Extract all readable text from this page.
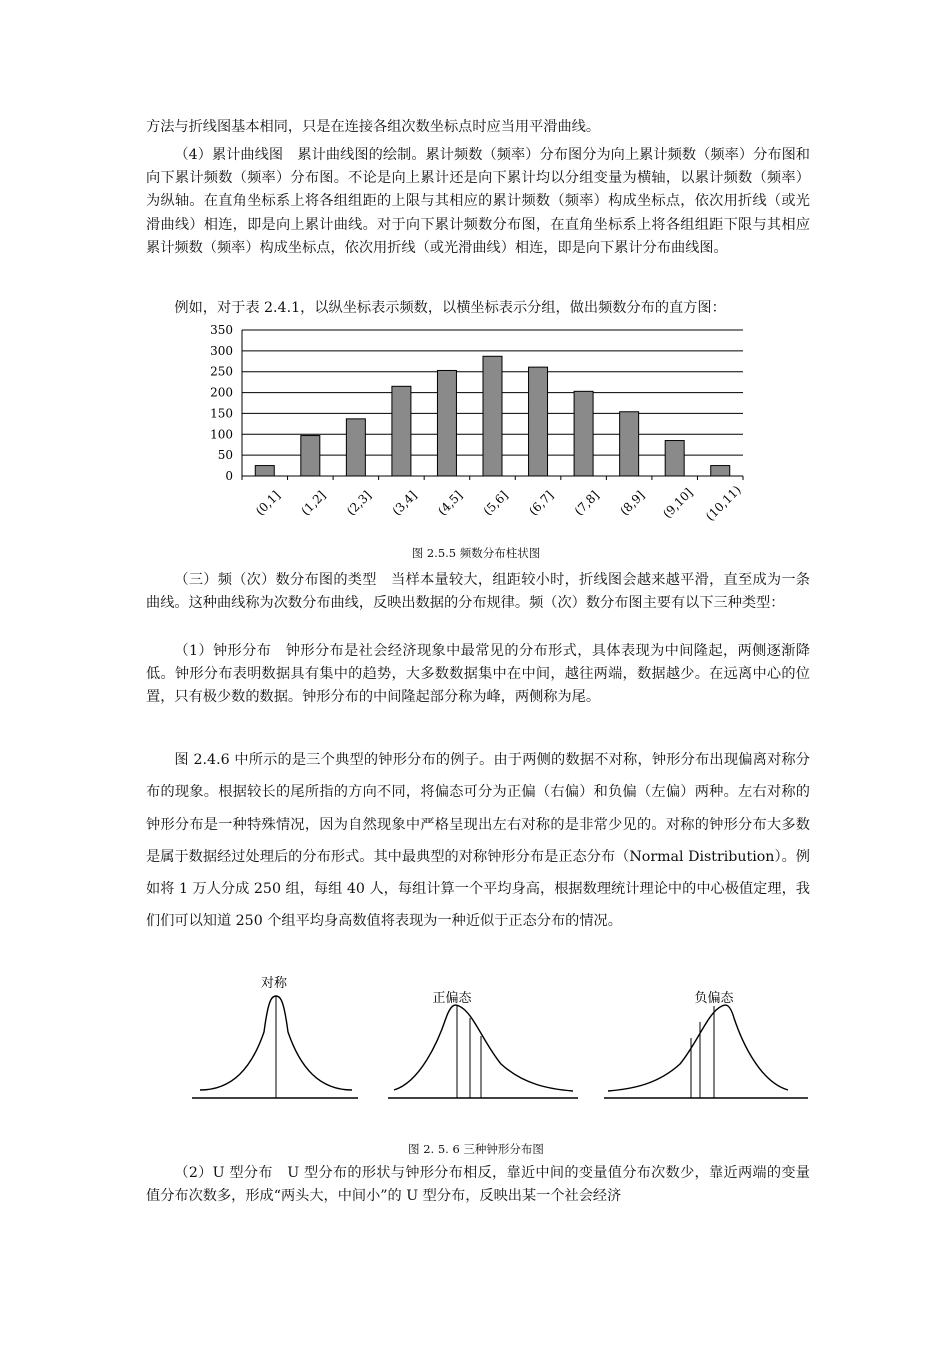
方法与折线图基本相同，只是在连接各组次数坐标点时应当用平滑曲线。

（4）累计曲线图　累计曲线图的绘制。累计频数（频率）分布图分为向上累计频数（频率）分布图和向下累计频数（频率）分布图。不论是向上累计还是向下累计均以分组变量为横轴，以累计频数（频率）为纵轴。在直角坐标系上将各组组距的上限与其相应的累计频数（频率）构成坐标点，依次用折线（或光滑曲线）相连，即是向上累计曲线。对于向下累计频数分布图，在直角坐标系上将各组组距下限与其相应累计频数（频率）构成坐标点，依次用折线（或光滑曲线）相连，即是向下累计分布曲线图。

例如，对于表 2.4.1，以纵坐标表示频数，以横坐标表示分组，做出频数分布的直方图：

0
50
100
150
200
250
300
350
(0,1] (1,2] (2,3] (3,4] (4,5] (5,6] (6,7] (7,8] (8,9] (9,10] (10,11)

图 2.5.5 频数分布柱状图

（三）频（次）数分布图的类型　当样本量较大，组距较小时，折线图会越来越平滑，直至成为一条曲线。这种曲线称为次数分布曲线，反映出数据的分布规律。频（次）数分布图主要有以下三种类型：

（1）钟形分布　钟形分布是社会经济现象中最常见的分布形式，具体表现为中间隆起，两侧逐渐降低。钟形分布表明数据具有集中的趋势，大多数数据集中在中间，越往两端，数据越少。在远离中心的位置，只有极少数的数据。钟形分布的中间隆起部分称为峰，两侧称为尾。

图 2.4.6 中所示的是三个典型的钟形分布的例子。由于两侧的数据不对称，钟形分布出现偏离对称分布的现象。根据较长的尾所指的方向不同，将偏态可分为正偏（右偏）和负偏（左偏）两种。左右对称的钟形分布是一种特殊情况，因为自然现象中严格呈现出左右对称的是非常少见的。对称的钟形分布大多数是属于数据经过处理后的分布形式。其中最典型的对称钟形分布是正态分布（Normal Distribution）。例如将 1 万人分成 250 组，每组 40 人，每组计算一个平均身高，根据数理统计理论中的中心极值定理，我们们可以知道 250 个组平均身高数值将表现为一种近似于正态分布的情况。

对称
正偏态	负偏态

图 2. 5. 6 三种钟形分布图

（2）U 型分布　U 型分布的形状与钟形分布相反，靠近中间的变量值分布次数少，靠近两端的变量值分布次数多，形成“两头大，中间小”的 U 型分布，反映出某一个社会经济
